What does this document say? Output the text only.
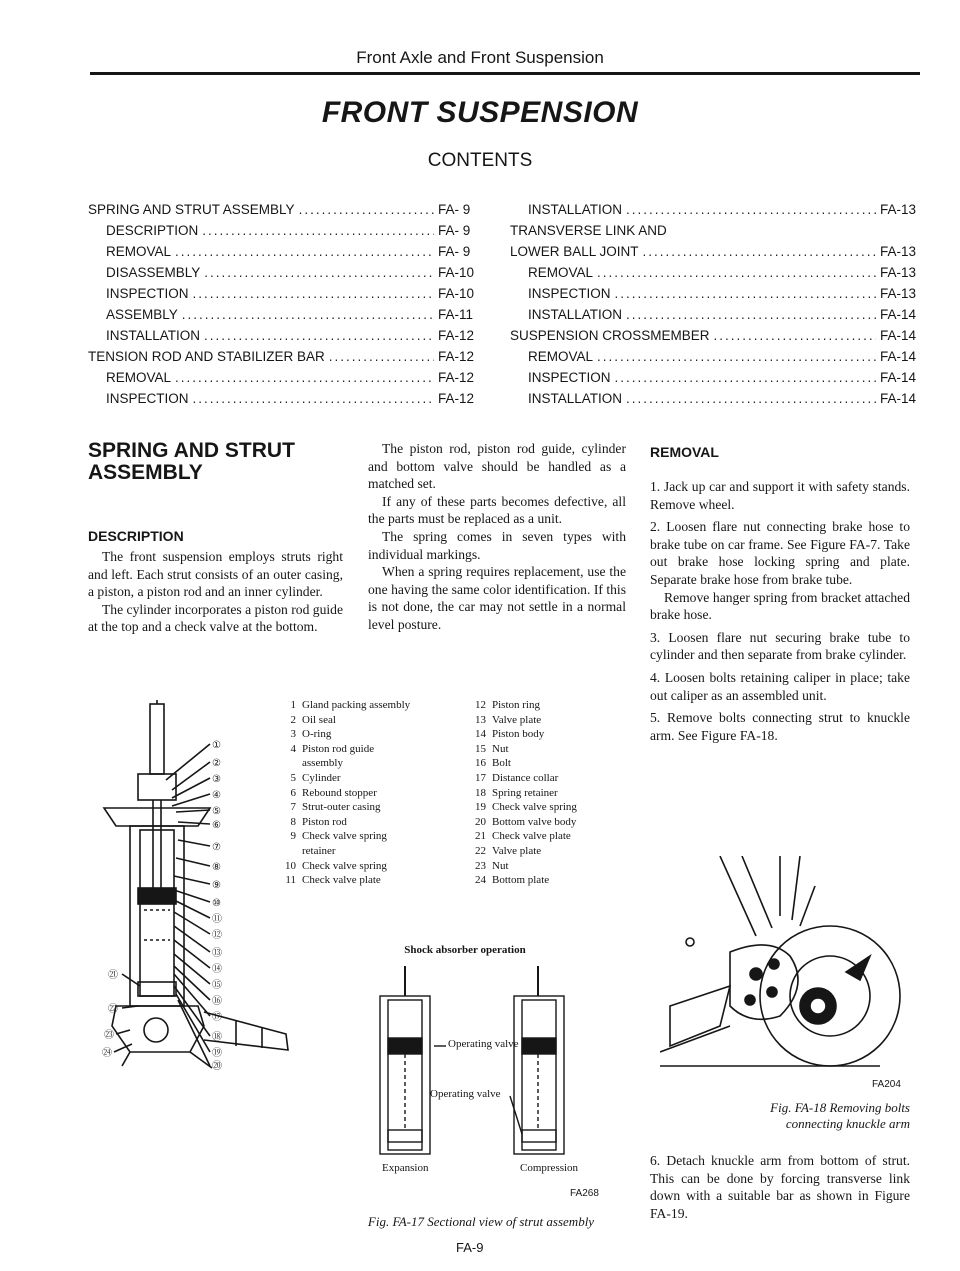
Front Axle and Front Suspension
FRONT SUSPENSION
CONTENTS
SPRING AND STRUT ASSEMBLY .....	FA- 9
DESCRIPTION .....	FA- 9
REMOVAL .....	FA- 9
DISASSEMBLY .....	FA-10
INSPECTION .....	FA-10
ASSEMBLY .....	FA-11
INSTALLATION .....	FA-12
TENSION ROD AND STABILIZER BAR .....	FA-12
REMOVAL .....	FA-12
INSPECTION .....	FA-12
INSTALLATION .....	FA-13
TRANSVERSE LINK AND
LOWER BALL JOINT .....	FA-13
REMOVAL .....	FA-13
INSPECTION .....	FA-13
INSTALLATION .....	FA-14
SUSPENSION CROSSMEMBER .....	FA-14
REMOVAL .....	FA-14
INSPECTION .....	FA-14
INSTALLATION .....	FA-14
SPRING AND STRUT
ASSEMBLY
DESCRIPTION

The front suspension employs struts right and left. Each strut consists of an outer casing, a piston, a piston rod and an inner cylinder.

The cylinder incorporates a piston rod guide at the top and a check valve at the bottom.

The piston rod, piston rod guide, cylinder and bottom valve should be handled as a matched set.

If any of these parts becomes defective, all the parts must be replaced as a unit.

The spring comes in seven types with individual markings.

When a spring requires replacement, use the one having the same color identification. If this is not done, the car may not settle in a normal level posture.

①
②
③
④
⑤
⑥
⑦
⑧
⑨
⑩
⑪
⑫
⑬
⑭
⑮
⑯
⑰
⑱
⑲
⑳
㉑
㉒
㉓
㉔
1 Gland packing assembly
2 Oil seal
3 O-ring
4 Piston rod guide
assembly
5 Cylinder
6 Rebound stopper
7 Strut-outer casing
8 Piston rod
9 Check valve spring
retainer
10 Check valve spring
11 Check valve plate
12 Piston ring
13 Valve plate
14 Piston body
15 Nut
16 Bolt
17 Distance collar
18 Spring retainer
19 Check valve spring
20 Bottom valve body
21 Check valve plate
22 Valve plate
23 Nut
24 Bottom plate
Shock absorber operation
Operating valve
Operating valve
Expansion	Compression
FA268
Fig. FA-17 Sectional view of strut assembly
FA-9
REMOVAL

1. Jack up car and support it with safety stands. Remove wheel.

2. Loosen flare nut connecting brake hose to brake tube on car frame. See Figure FA-7. Take out brake hose locking spring and plate. Separate brake hose from brake tube.

Remove hanger spring from bracket attached brake hose.

3. Loosen flare nut securing brake tube to cylinder and then separate from brake cylinder.

4. Loosen bolts retaining caliper in place; take out caliper as an assembled unit.

5. Remove bolts connecting strut to knuckle arm. See Figure FA-18.

FA204
Fig. FA-18 Removing bolts
connecting knuckle arm

6. Detach knuckle arm from bottom of strut. This can be done by forcing transverse link down with a suitable bar as shown in Figure FA-19.
